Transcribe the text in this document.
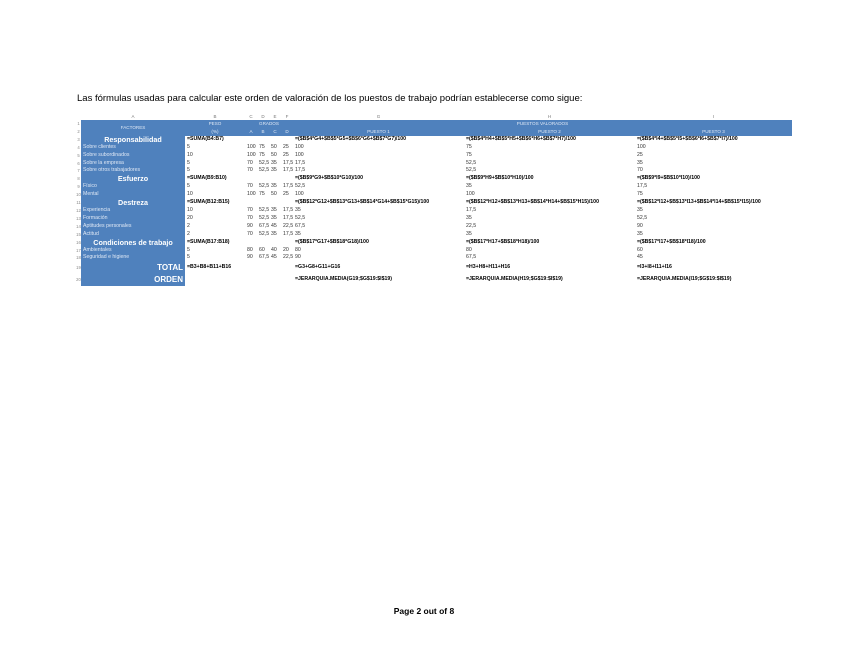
Las fórmulas usadas para calcular este orden de valoración de los puestos de trabajo podrían establecerse como sigue:
	A	B	C	D	E	F	G	H	I
1	FACTORES	PESO	GRADOS				PUESTOS VALORADOS		
2		(%)	A	B	C	D	PUESTO 1	PUESTO 2	PUESTO 3
3	Responsabilidad	=SUMA(B4:B7)					=($B$4*G4+$B$5*G5+$B$6*G6+$B$7*G7)/100	=($B$4*H4+$B$5*H5+$B$6*H6+$B$7*H7)/100	=($B$4*I4+$B$5*I5+$B$6*I6+$B$7*I7)/100
4	Sobre clientes	5	100	75	50	25	100	75	100
5	Sobre subordinados	10	100	75	50	25	100	75	25
6	Sobre la empresa	5	70	52,5	35	17,5	17,5	52,5	35
7	Sobre otros trabajadores	5	70	52,5	35	17,5	17,5	52,5	70
8	Esfuerzo	=SUMA(B9:B10)					=($B$9*G9+$B$10*G10)/100	=($B$9*H9+$B$10*H10)/100	=($B$9*I9+$B$10*I10)/100
9	Físico	5	70	52,5	35	17,5	52,5	35	17,5
10	Mental	10	100	75	50	25	100	100	75
11	Destreza	=SUMA(B12:B15)					=($B$12*G12+$B$13*G13+$B$14*G14+$B$15*G15)/100	=($B$12*H12+$B$13*H13+$B$14*H14+$B$15*H15)/100	=($B$12*I12+$B$13*I13+$B$14*I14+$B$15*I15)/100
12	Experiencia	10	70	52,5	35	17,5	35	17,5	35
13	Formación	20	70	52,5	35	17,5	52,5	35	52,5
14	Aptitudes personales	2	90	67,5	45	22,5	67,5	22,5	90
15	Actitud	2	70	52,5	35	17,5	35	35	35
16	Condiciones de trabajo	=SUMA(B17:B18)					=($B$17*G17+$B$18*G18)/100	=($B$17*H17+$B$18*H18)/100	=($B$17*I17+$B$18*I18)/100
17	Ambientales	5	80	60	40	20	80	80	60
18	Seguridad e higiene	5	90	67,5	45	22,5	90	67,5	45
19	TOTAL	=B3+B8+B11+B16					=G3+G8+G11+G16	=H3+H8+H11+H16	=I3+I8+I11+I16
20	ORDEN						=JERARQUIA.MEDIA(G19;$G$19:$I$19)	=JERARQUIA.MEDIA(H19;$G$19:$I$19)	=JERARQUIA.MEDIA(I19;$G$19:$I$19)
Page 2 out of 8
